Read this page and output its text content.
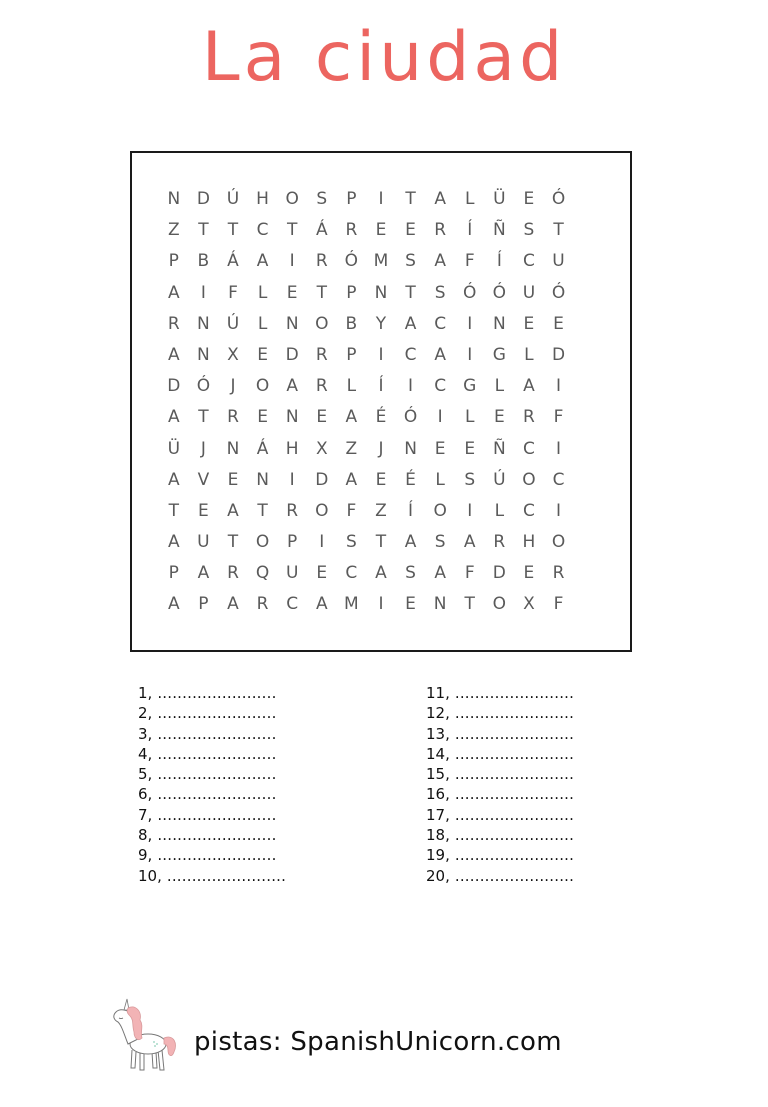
La ciudad
N D Ú H O	S	P	I	T	A	L	Ü	E	Ó
Z	T	T	C	T	Á	R	E	E	R	Í	Ñ	S	T
P	B	Á	A	I	R Ó M S	A	F	Í	C	U
A	I	F	L	E	T	P	N	T	S	Ó Ó U Ó
R	N	Ú	L	N O	B	Y	A	C	I	N	E	E
A	N	X	E	D	R	P	I	C	A	I	G	L	D
D Ó	J	O	A	R	L	Í	I	C	G	L	A	I
A	T	R	E	N	E	A	É	Ó	I	L	E	R	F
Ü	J	N	Á	H	X	Z	J	N	E	E	Ñ	C	I
A	V	E	N	I	D	A	E	É	L	S	Ú O C
T	E	A	T	R O	F	Z	Í	O	I	L	C	I
A	U	T	O	P	I	S	T	A	S	A	R	H O
P	A	R Q U	E	C	A	S	A	F	D	E	R
A	P	A	R	C	A M	I	E	N	T	O	X	F
1, ........................
2, ........................
3, ........................
4, ........................
5, ........................
6, ........................
7, ........................
8, ........................
9, ........................
10, ........................
11, ........................
12, ........................
13, ........................
14, ........................
15, ........................
16, ........................
17, ........................
18, ........................
19, ........................
20, ........................
pistas: SpanishUnicorn.com
